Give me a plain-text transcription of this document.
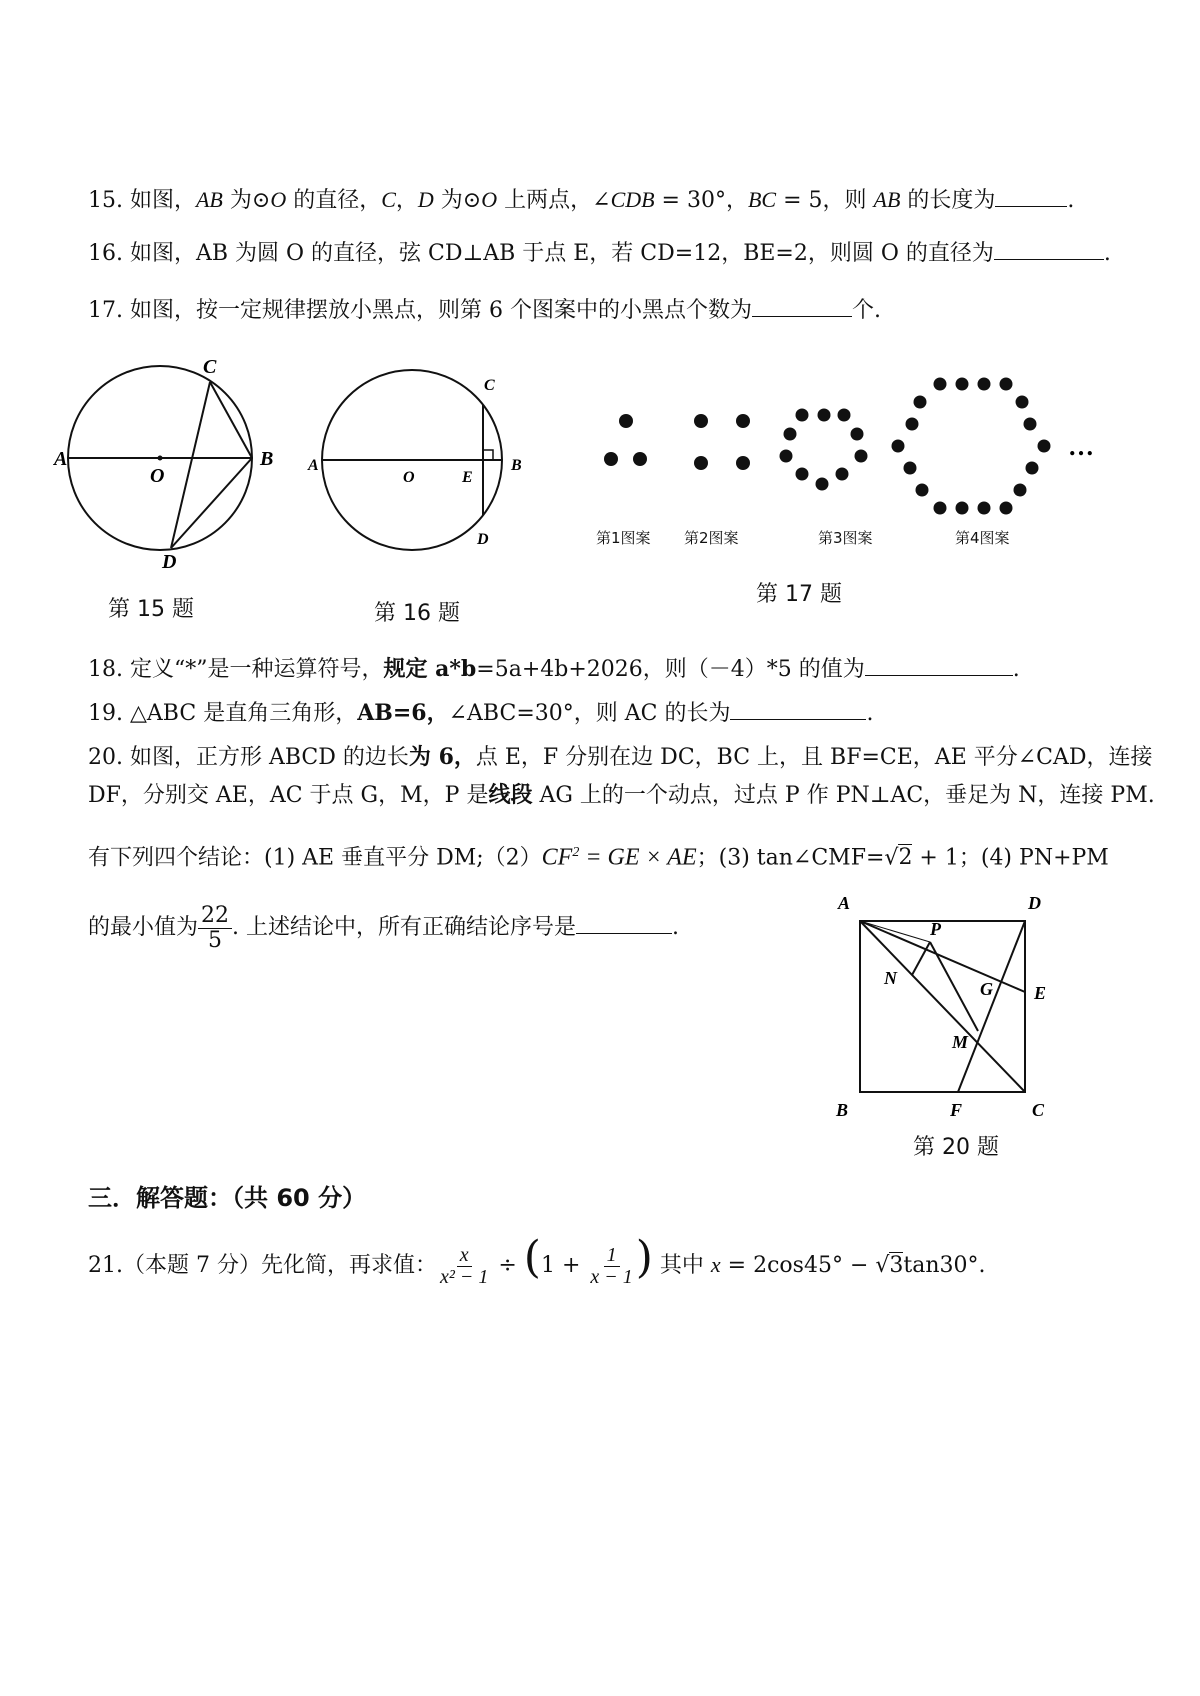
15. 如图，AB 为⊙O 的直径，C，D 为⊙O 上两点，∠CDB = 30°，BC = 5，则 AB 的长度为	.
16. 如图，AB 为圆 O 的直径，弦 CD⊥AB 于点 E，若 CD=12，BE=2，则圆 O 的直径为	.
17. 如图，按一定规律摆放小黑点，则第 6 个图案中的小黑点个数为	个.
A	B
C
D
O
第 15 题
A	B
C
D
O	E
第 16 题
…
第1图案 第2图案	第3图案	第4图案
第 17 题
18. 定义“*”是一种运算符号，规定 a*b=5a+4b+2026，则（－4）*5 的值为	.
19. △ABC 是直角三角形，AB=6，∠ABC=30°，则 AC 的长为	.
20. 如图，正方形 ABCD 的边长为 6，点 E，F 分别在边 DC，BC 上，且 BF=CE，AE 平分∠CAD，连接
DF，分别交 AE，AC 于点 G，M，P 是线段 AG 上的一个动点，过点 P 作 PN⊥AC，垂足为 N，连接 PM.
有下列四个结论：(1) AE 垂直平分 $DM;(2)CF^2$ = GE × AE；(3) tan∠CMF=√2 + 1；(4) PN+PM
的最小值为 $\frac{22}{5}$ . 上述结论中，所有正确结论序号是	.
A	D
B	F	C
E
G
M
N
P
第 20 题
三．解答题：（共 60 分）
21.（本题 7 分）先化简，再求值： $\frac{x}{\text{x² − 1}} \div (1 + \frac{1}{x - 1}$ ) 其中 x = 2cos45° − √3tan30°.
